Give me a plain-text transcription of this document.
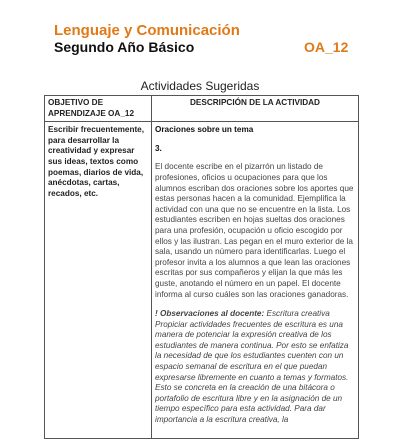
Lenguaje y Comunicación
Segundo Año Básico	OA_12
Actividades Sugeridas
OBJETIVO DE APRENDIZAJE OA_12	DESCRIPCIÓN DE LA ACTIVIDAD
Escribir frecuentemente, para desarrollar la creatividad y expresar sus ideas, textos como poemas, diarios de vida, anécdotas, cartas, recados, etc.	Oraciones sobre un tema

3.

El docente escribe en el pizarrón un listado de profesiones, oficios u ocupaciones para que los alumnos escriban dos oraciones sobre los aportes que estas personas hacen a la comunidad. Ejemplifica la actividad con una que no se encuentre en la lista. Los estudiantes escriben en hojas sueltas dos oraciones para una profesión, ocupación u oficio escogido por ellos y las ilustran. Las pegan en el muro exterior de la sala, usando un número para identificarlas. Luego el profesor invita a los alumnos a que lean las oraciones escritas por sus compañeros y elijan la que más les guste, anotando el número en un papel. El docente informa al curso cuáles son las oraciones ganadoras.

! Observaciones al docente: Escritura creativa Propiciar actividades frecuentes de escritura es una manera de potenciar la expresión creativa de los estudiantes de manera continua. Por esto se enfatiza la necesidad de que los estudiantes cuenten con un espacio semanal de escritura en el que puedan expresarse libremente en cuanto a temas y formatos. Esto se concreta en la creación de una bitácora o portafolio de escritura libre y en la asignación de un tiempo específico para esta actividad. Para dar importancia a la escritura creativa, la
